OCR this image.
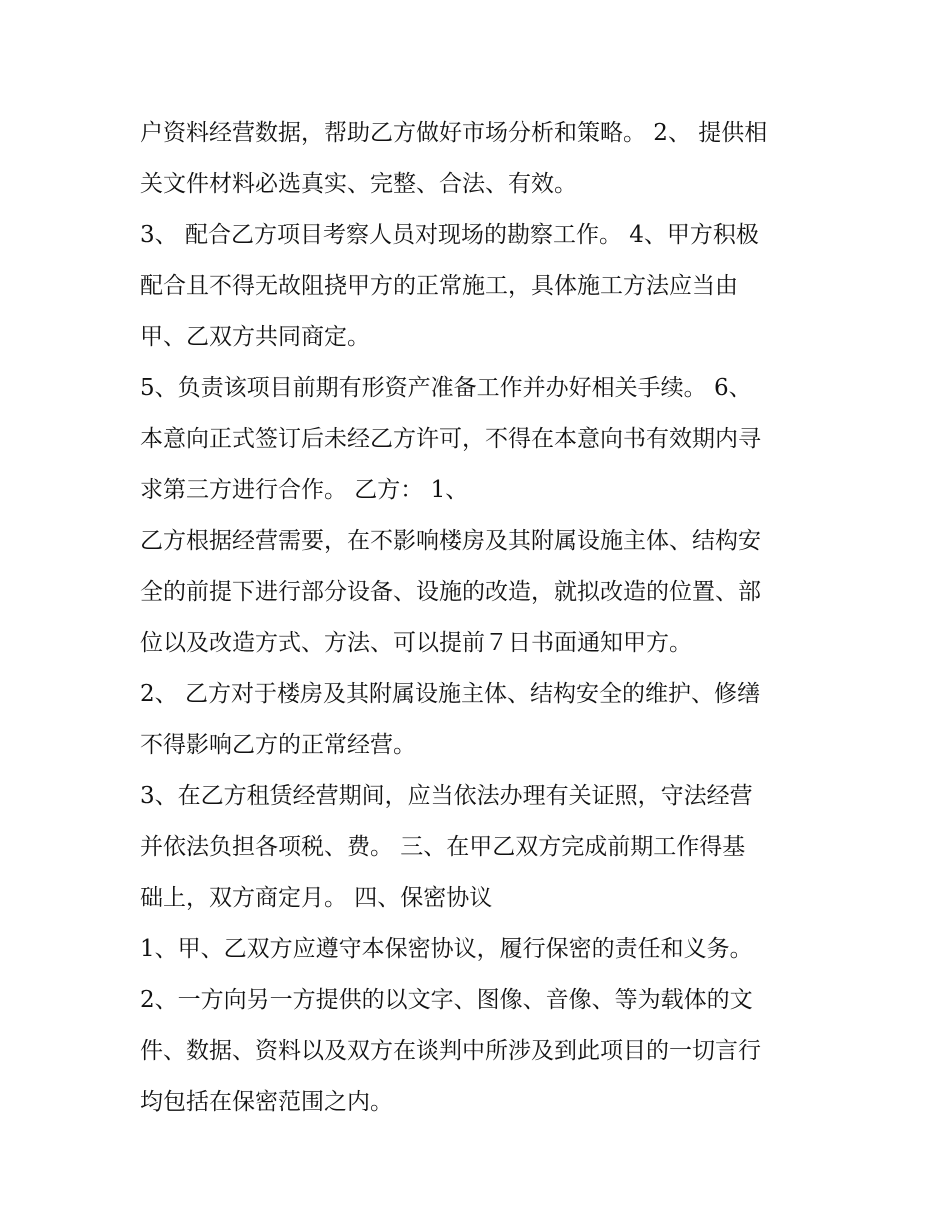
户资料经营数据，帮助乙方做好市场分析和策略。 2、 提供相
关文件材料必选真实、完整、合法、有效。
3、 配合乙方项目考察人员对现场的勘察工作。 4、甲方积极
配合且不得无故阻挠甲方的正常施工，具体施工方法应当由
甲、乙双方共同商定。
5、负责该项目前期有形资产准备工作并办好相关手续。 6、
本意向正式签订后未经乙方许可，不得在本意向书有效期内寻
求第三方进行合作。 乙方： 1、
乙方根据经营需要，在不影响楼房及其附属设施主体、结构安
全的前提下进行部分设备、设施的改造，就拟改造的位置、部
位以及改造方式、方法、可以提前７日书面通知甲方。
2、 乙方对于楼房及其附属设施主体、结构安全的维护、修缮
不得影响乙方的正常经营。
3、在乙方租赁经营期间，应当依法办理有关证照，守法经营
并依法负担各项税、费。 三、在甲乙双方完成前期工作得基
础上，双方商定月。 四、保密协议
1、甲、乙双方应遵守本保密协议，履行保密的责任和义务。
2、一方向另一方提供的以文字、图像、音像、等为载体的文
件、数据、资料以及双方在谈判中所涉及到此项目的一切言行
均包括在保密范围之内。
